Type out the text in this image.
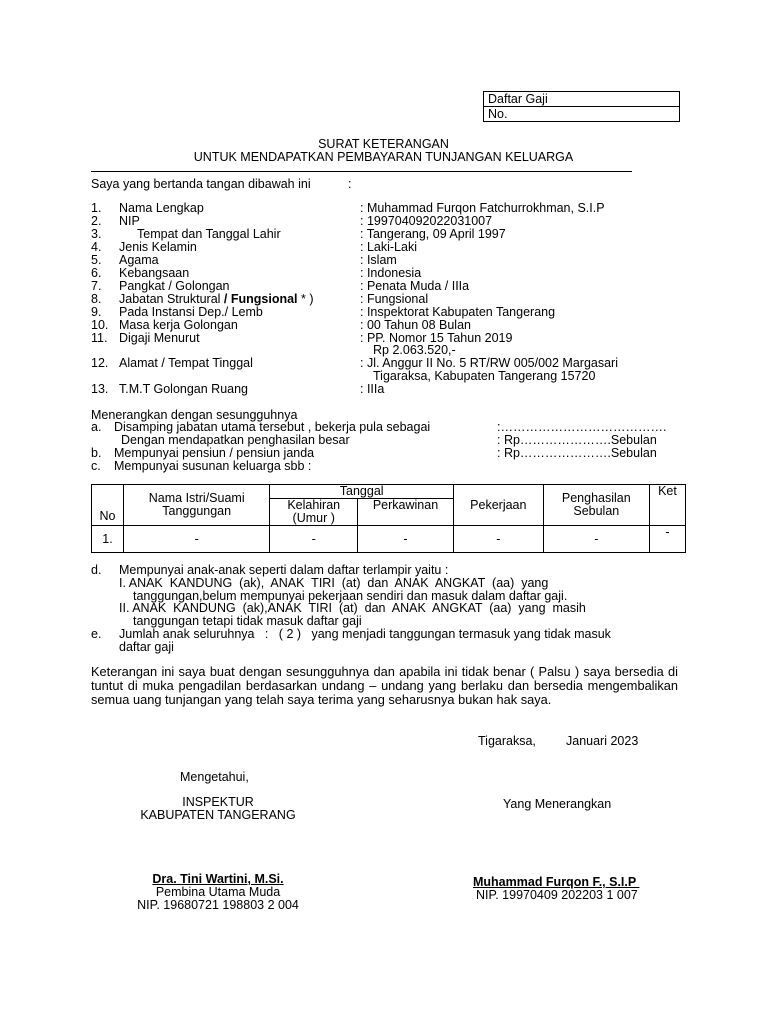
Daftar Gaji
No.
SURAT KETERANGAN
UNTUK MENDAPATKAN PEMBAYARAN TUNJANGAN KELUARGA
Saya yang bertanda tangan dibawah ini	:
1. Nama Lengkap	: Muhammad Furqon Fatchurrokhman, S.I.P
2. NIP	: 199704092022031007
3.	Tempat dan Tanggal Lahir	: Tangerang, 09 April 1997
4. Jenis Kelamin	: Laki-Laki
5. Agama	: Islam
6. Kebangsaan	: Indonesia
7. Pangkat / Golongan	: Penata Muda / IIIa
8. Jabatan Struktural / Fungsional * )	: Fungsional
9. Pada Instansi Dep./ Lemb	: Inspektorat Kabupaten Tangerang
10. Masa kerja Golongan	: 00 Tahun 08 Bulan
11. Digaji Menurut	: PP. Nomor 15 Tahun 2019
Rp 2.063.520,-
12. Alamat / Tempat Tinggal	: Jl. Anggur II No. 5 RT/RW 005/002 Margasari
Tigaraksa, Kabupaten Tangerang 15720
13. T.M.T Golongan Ruang	: IIIa
Menerangkan dengan sesungguhnya
a. Disamping jabatan utama tersebut , bekerja pula sebagai	:………………………………….
Dengan mendapatkan penghasilan besar	: Rp………………….Sebulan
b. Mempunyai pensiun / pensiun janda	: Rp………………….Sebulan
c. Mempunyai susunan keluarga sbb :
No	Nama Istri/Suami Tanggungan	Tanggal		Pekerjaan	Penghasilan Sebulan	Ket
		Kelahiran (Umur )	Perkawinan			
1.	-	-	-	-	-	-
d. Mempunyai anak-anak seperti dalam daftar terlampir yaitu :
I. ANAK  KANDUNG  (ak),  ANAK  TIRI  (at)  dan  ANAK  ANGKAT  (aa)  yang
tanggungan,belum mempunyai pekerjaan sendiri dan masuk dalam daftar gaji.
II. ANAK  KANDUNG  (ak),ANAK  TIRI  (at)  dan  ANAK  ANGKAT  (aa)  yang  masih
tanggungan tetapi tidak masuk daftar gaji
e. Jumlah anak seluruhnya   :   ( 2 )   yang menjadi tanggungan termasuk yang tidak masuk
daftar gaji
Keterangan ini saya buat dengan sesungguhnya dan apabila ini tidak benar ( Palsu ) saya bersedia di tuntut di muka pengadilan berdasarkan undang – undang yang berlaku dan bersedia mengembalikan semua uang tunjangan yang telah saya terima yang seharusnya bukan hak saya.
Tigaraksa, Januari 2023
Mengetahui,
INSPEKTUR
KABUPATEN TANGERANG
Dra. Tini Wartini, M.Si.
Pembina Utama Muda
NIP. 19680721 198803 2 004
Yang Menerangkan
Muhammad Furqon F., S.I.P
NIP. 19970409 202203 1 007
